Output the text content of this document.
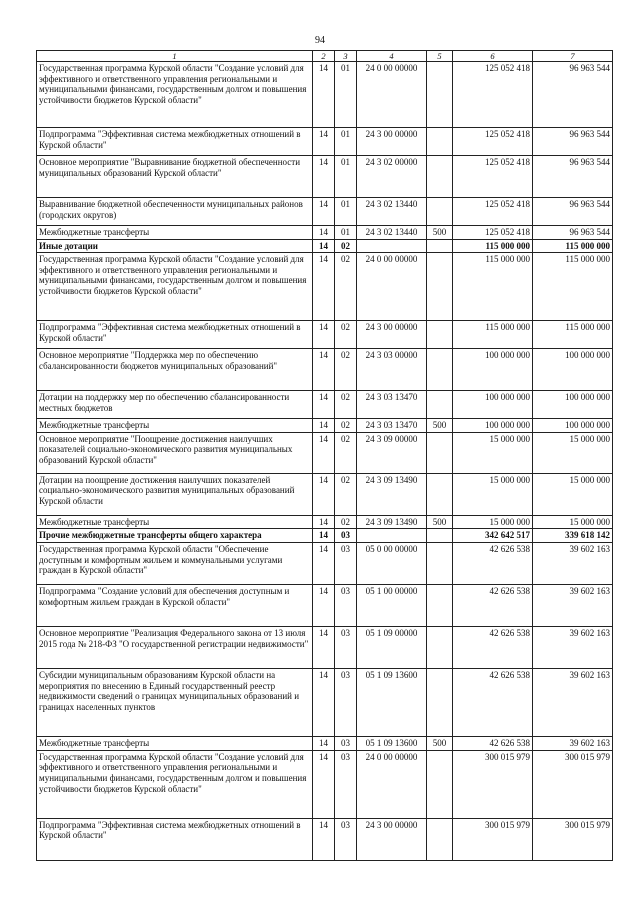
94
1	2	3	4	5	6	7
Государственная программа Курской области "Создание условий для эффективного и ответственного управления региональными и муниципальными финансами, государственным долгом и повышения устойчивости бюджетов Курской области"	14	01	24 0 00 00000		125 052 418	96 963 544
Подпрограмма "Эффективная система межбюджетных отношений в Курской области"	14	01	24 3 00 00000		125 052 418	96 963 544
Основное мероприятие "Выравнивание бюджетной обеспеченности муниципальных образований Курской области"	14	01	24 3 02 00000		125 052 418	96 963 544
Выравнивание бюджетной обеспеченности муниципальных районов (городских округов)	14	01	24 3 02 13440		125 052 418	96 963 544
Межбюджетные трансферты	14	01	24 3 02 13440	500	125 052 418	96 963 544
Иные дотации	14	02			115 000 000	115 000 000
Государственная программа Курской области "Создание условий для эффективного и ответственного управления региональными и муниципальными финансами, государственным долгом и повышения устойчивости бюджетов Курской области"	14	02	24 0 00 00000		115 000 000	115 000 000
Подпрограмма "Эффективная система межбюджетных отношений в Курской области"	14	02	24 3 00 00000		115 000 000	115 000 000
Основное мероприятие "Поддержка мер по обеспечению сбалансированности бюджетов муниципальных образований"	14	02	24 3 03 00000		100 000 000	100 000 000
Дотации на поддержку мер по обеспечению сбалансированности местных бюджетов	14	02	24 3 03 13470		100 000 000	100 000 000
Межбюджетные трансферты	14	02	24 3 03 13470	500	100 000 000	100 000 000
Основное мероприятие "Поощрение достижения наилучших показателей социально-экономического развития муниципальных образований Курской области"	14	02	24 3 09 00000		15 000 000	15 000 000
Дотации на поощрение достижения наилучших показателей социально-экономического развития муниципальных образований Курской области	14	02	24 3 09 13490		15 000 000	15 000 000
Межбюджетные трансферты	14	02	24 3 09 13490	500	15 000 000	15 000 000
Прочие межбюджетные трансферты общего характера	14	03			342 642 517	339 618 142
Государственная программа Курской области "Обеспечение доступным и комфортным жильем и коммунальными услугами граждан в Курской области"	14	03	05 0 00 00000		42 626 538	39 602 163
Подпрограмма "Создание условий для обеспечения доступным и комфортным жильем граждан в Курской области"	14	03	05 1 00 00000		42 626 538	39 602 163
Основное мероприятие "Реализация Федерального закона от 13 июля 2015 года № 218-ФЗ "О государственной регистрации недвижимости"	14	03	05 1 09 00000		42 626 538	39 602 163
Субсидии муниципальным образованиям Курской области на мероприятия по внесению в Единый государственный реестр недвижимости сведений о границах муниципальных образований и границах населенных пунктов	14	03	05 1 09 13600		42 626 538	39 602 163
Межбюджетные трансферты	14	03	05 1 09 13600	500	42 626 538	39 602 163
Государственная программа Курской области "Создание условий для эффективного и ответственного управления региональными и муниципальными финансами, государственным долгом и повышения устойчивости бюджетов Курской области"	14	03	24 0 00 00000		300 015 979	300 015 979
Подпрограмма "Эффективная система межбюджетных отношений в Курской области"	14	03	24 3 00 00000		300 015 979	300 015 979
